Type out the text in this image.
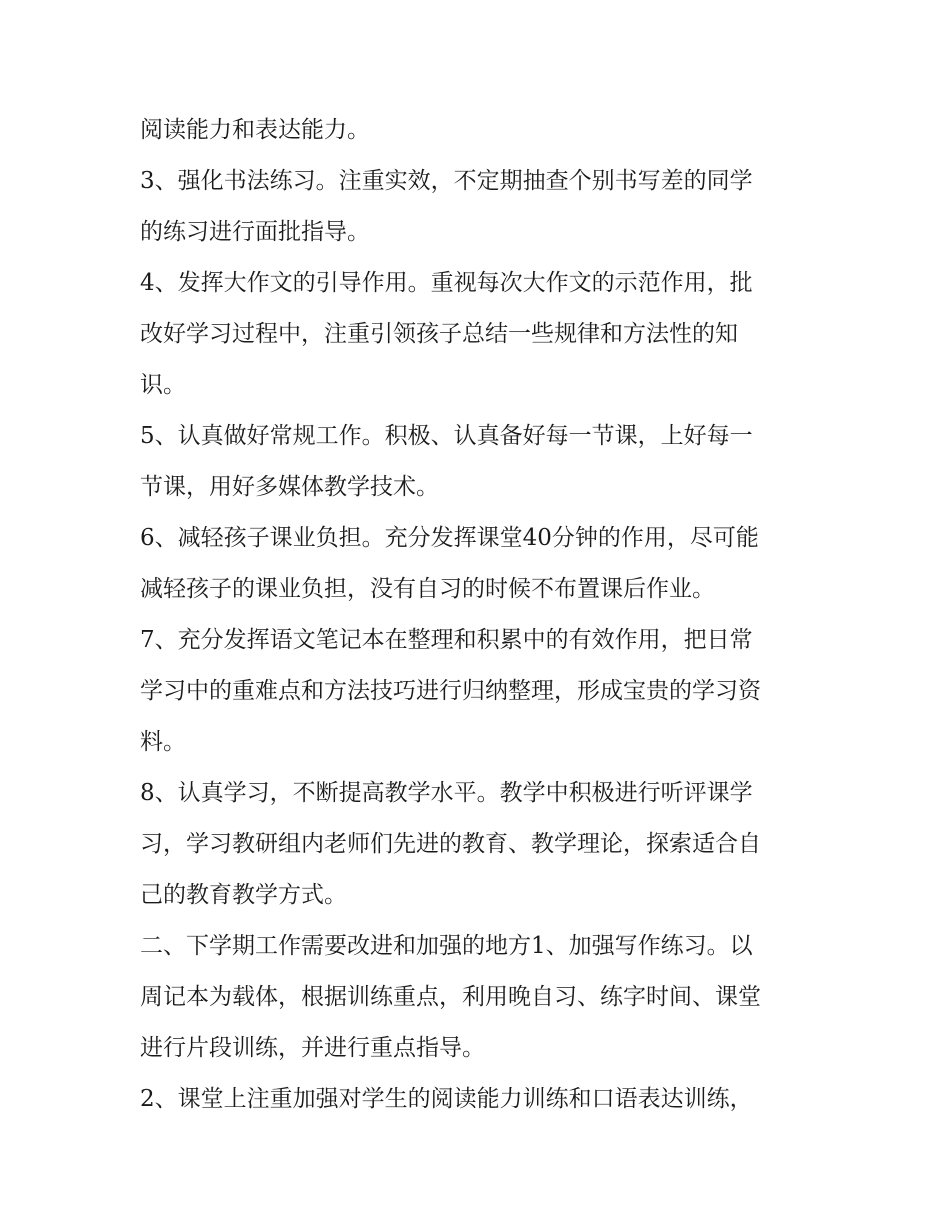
阅读能力和表达能力。
3、强化书法练习。注重实效，不定期抽查个别书写差的同学
的练习进行面批指导。
4、发挥大作文的引导作用。重视每次大作文的示范作用，批
改好学习过程中，注重引领孩子总结一些规律和方法性的知
识。
5、认真做好常规工作。积极、认真备好每一节课，上好每一
节课，用好多媒体教学技术。
6、减轻孩子课业负担。充分发挥课堂40分钟的作用，尽可能
减轻孩子的课业负担，没有自习的时候不布置课后作业。
7、充分发挥语文笔记本在整理和积累中的有效作用，把日常
学习中的重难点和方法技巧进行归纳整理，形成宝贵的学习资
料。
8、认真学习，不断提高教学水平。教学中积极进行听评课学
习，学习教研组内老师们先进的教育、教学理论，探索适合自
己的教育教学方式。
二、下学期工作需要改进和加强的地方1、加强写作练习。以
周记本为载体，根据训练重点，利用晚自习、练字时间、课堂
进行片段训练，并进行重点指导。
2、课堂上注重加强对学生的阅读能力训练和口语表达训练，
